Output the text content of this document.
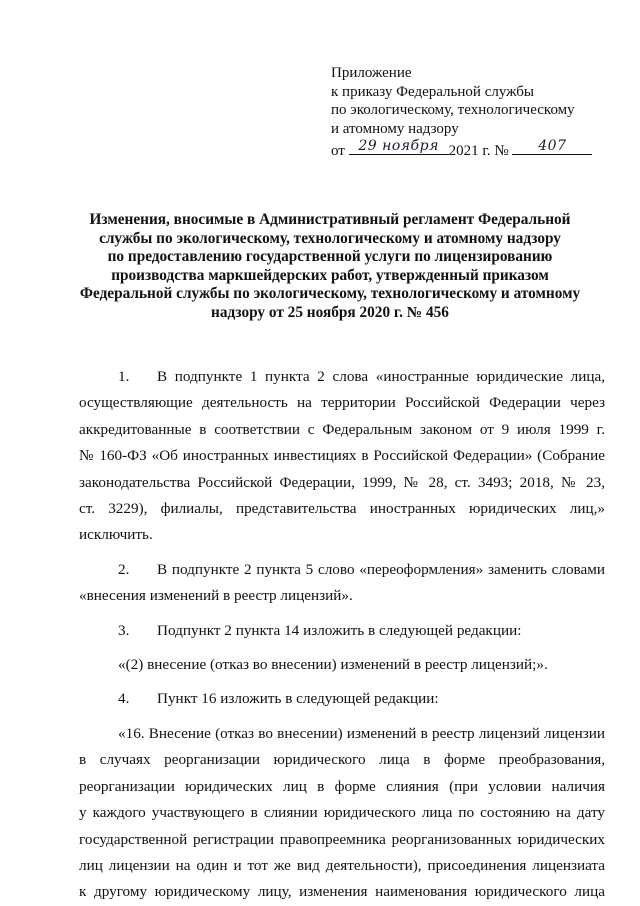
Приложение
к приказу Федеральной службы
по экологическому, технологическому
и атомному надзору
от 29 ноября 2021 г. №	407
Изменения, вносимые в Административный регламент Федеральной
службы по экологическому, технологическому и атомному надзору
по предоставлению государственной услуги по лицензированию
производства маркшейдерских работ, утвержденный приказом
Федеральной службы по экологическому, технологическому и атомному
надзору от 25 ноября 2020 г. № 456
1. В подпункте 1 пункта 2 слова «иностранные юридические лица,
осуществляющие деятельность на территории Российской Федерации через
аккредитованные в соответствии с Федеральным законом от 9 июля 1999 г.
№ 160-ФЗ «Об иностранных инвестициях в Российской Федерации» (Собрание
законодательства Российской Федерации, 1999, № 28, ст. 3493; 2018, № 23,
ст. 3229), филиалы, представительства иностранных юридических лиц,»
исключить.
2. В подпункте 2 пункта 5 слово «переоформления» заменить словами
«внесения изменений в реестр лицензий».
3. Подпункт 2 пункта 14 изложить в следующей редакции:
«(2) внесение (отказ во внесении) изменений в реестр лицензий;».
4. Пункт 16 изложить в следующей редакции:
«16. Внесение (отказ во внесении) изменений в реестр лицензий лицензии
в случаях реорганизации юридического лица в форме преобразования,
реорганизации юридических лиц в форме слияния (при условии наличия
у каждого участвующего в слиянии юридического лица по состоянию на дату
государственной регистрации правопреемника реорганизованных юридических
лиц лицензии на один и тот же вид деятельности), присоединения лицензиата
к другому юридическому лицу, изменения наименования юридического лица
